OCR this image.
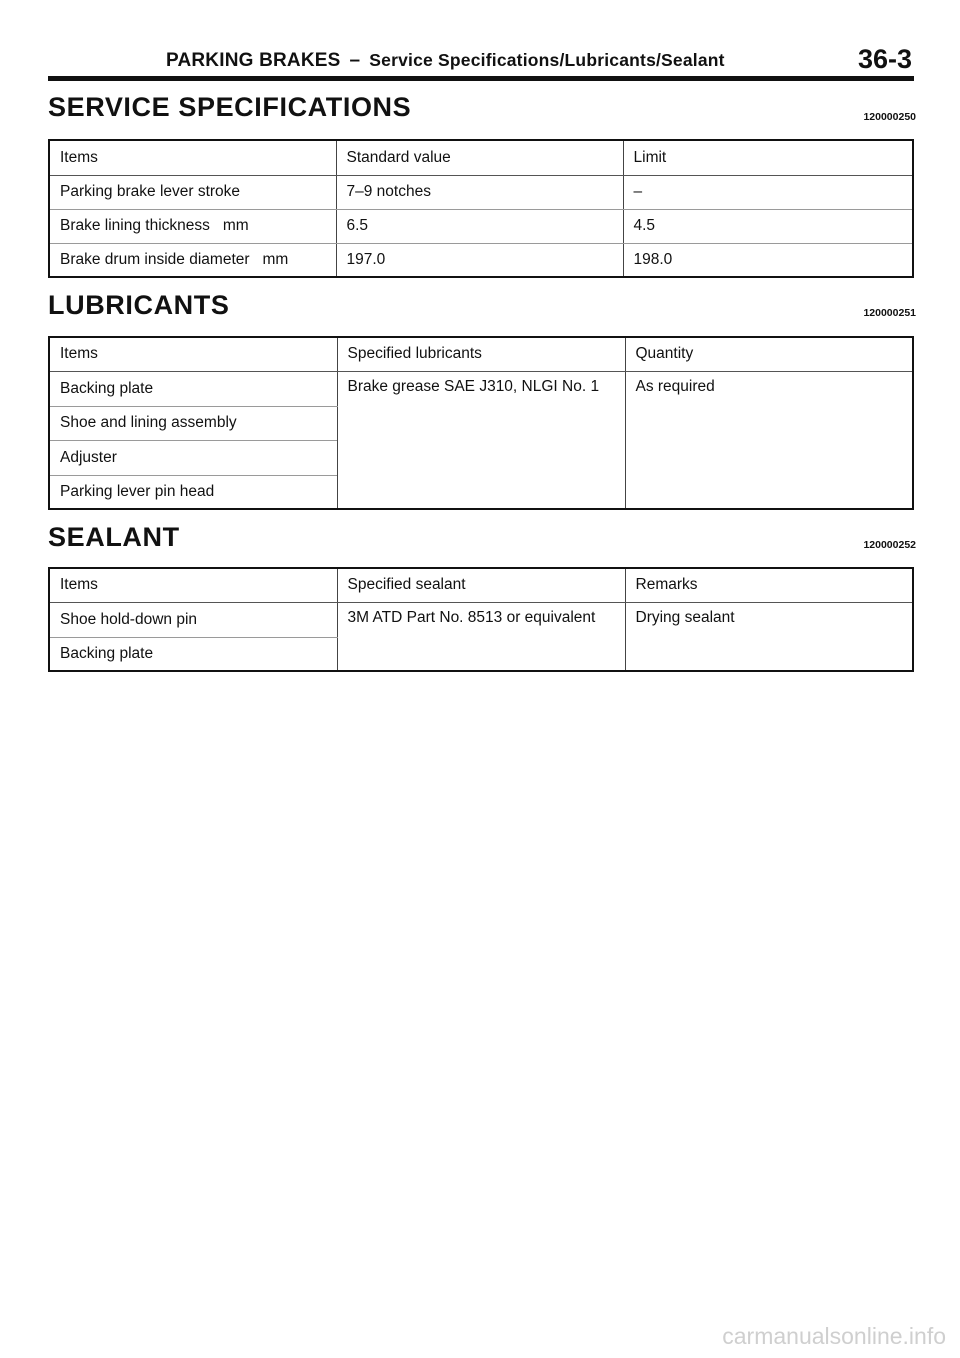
PARKING BRAKES – Service Specifications/Lubricants/Sealant	36-3
SERVICE SPECIFICATIONS	120000250
Items	Standard value	Limit
Parking brake lever stroke	7–9 notches	–
Brake lining thickness   mm	6.5	4.5
Brake drum inside diameter   mm	197.0	198.0
LUBRICANTS	120000251
Items	Specified lubricants	Quantity
Backing plate	Brake grease SAE J310, NLGI No. 1	As required
Shoe and lining assembly		
Adjuster		
Parking lever pin head		
SEALANT	120000252
Items	Specified sealant	Remarks
Shoe hold-down pin	3M ATD Part No. 8513 or equivalent	Drying sealant
Backing plate		
carmanualsonline.info
